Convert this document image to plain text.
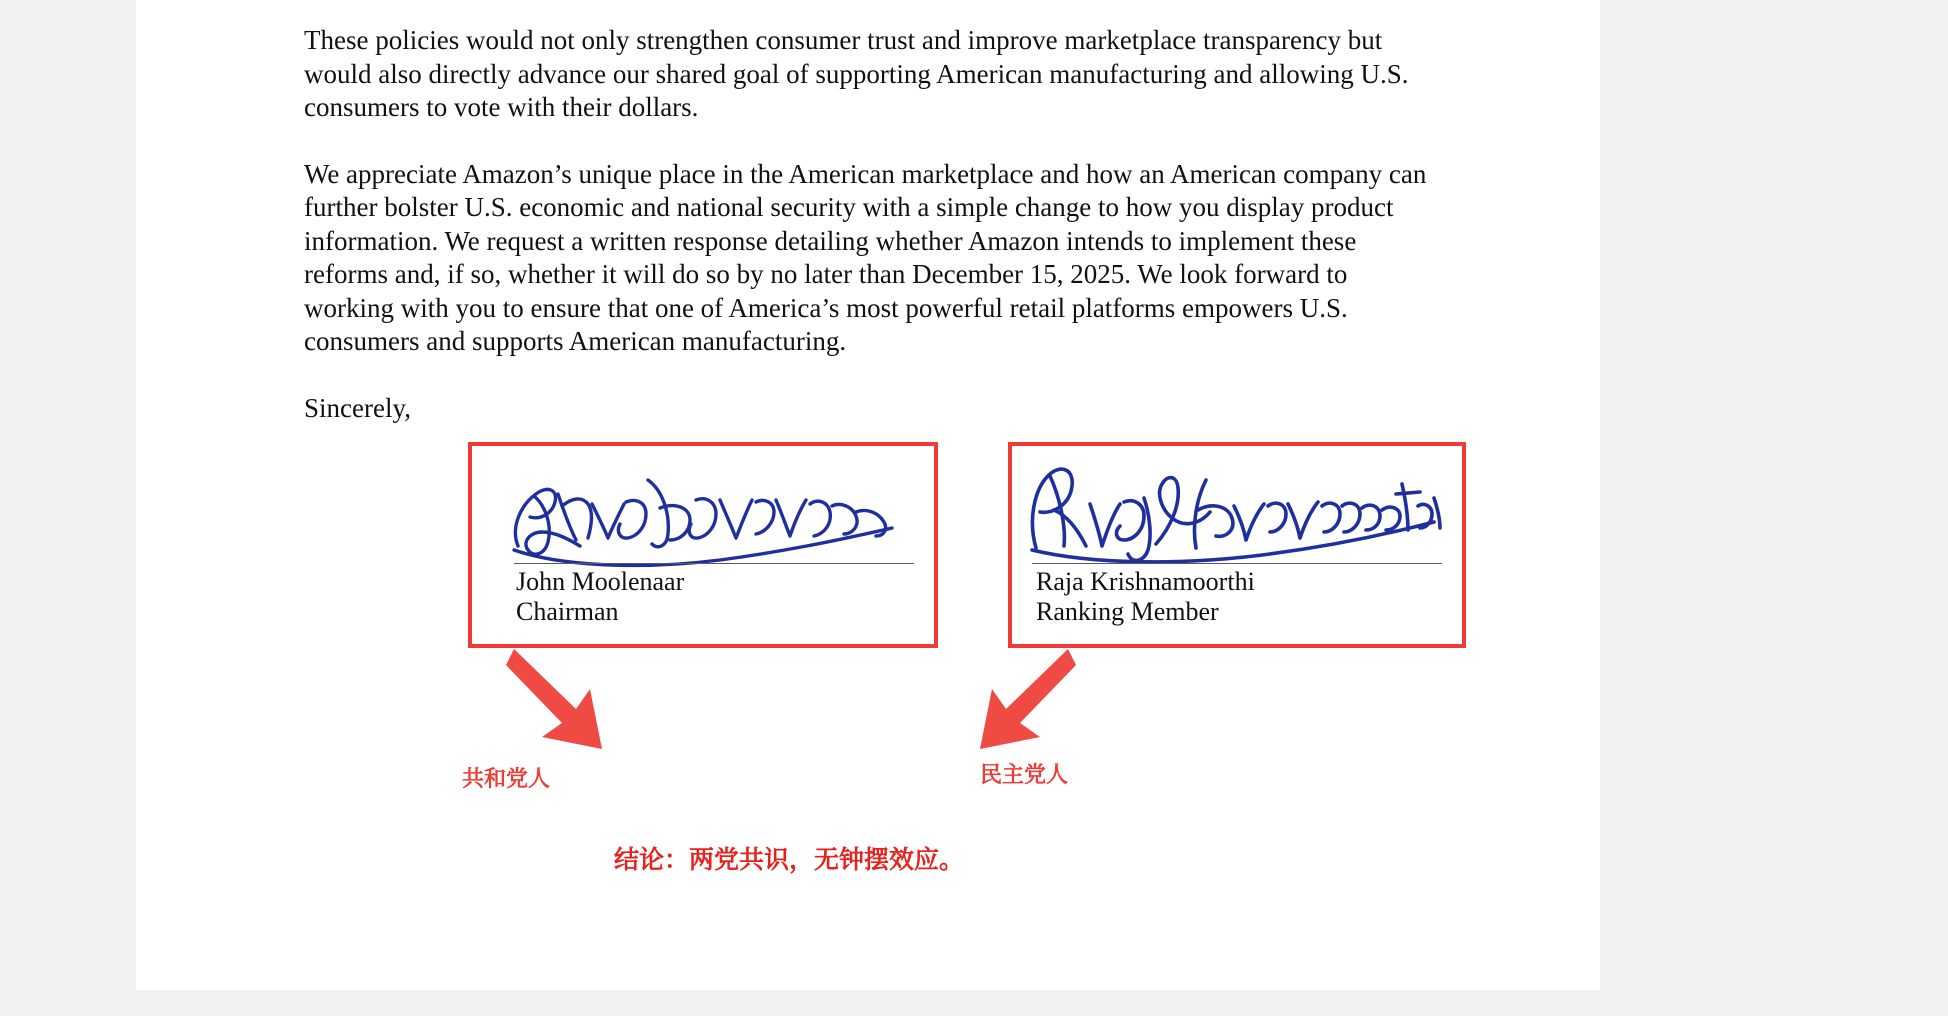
These policies would not only strengthen consumer trust and improve marketplace transparency but would also directly advance our shared goal of supporting American manufacturing and allowing U.S. consumers to vote with their dollars.

We appreciate Amazon’s unique place in the American marketplace and how an American company can further bolster U.S. economic and national security with a simple change to how you display product information. We request a written response detailing whether Amazon intends to implement these reforms and, if so, whether it will do so by no later than December 15, 2025. We look forward to working with you to ensure that one of America’s most powerful retail platforms empowers U.S. consumers and supports American manufacturing.

Sincerely,

John Moolenaar
Chairman
Raja Krishnamoorthi
Ranking Member
共和党人	民主党人
结论：两党共识，无钟摆效应。
